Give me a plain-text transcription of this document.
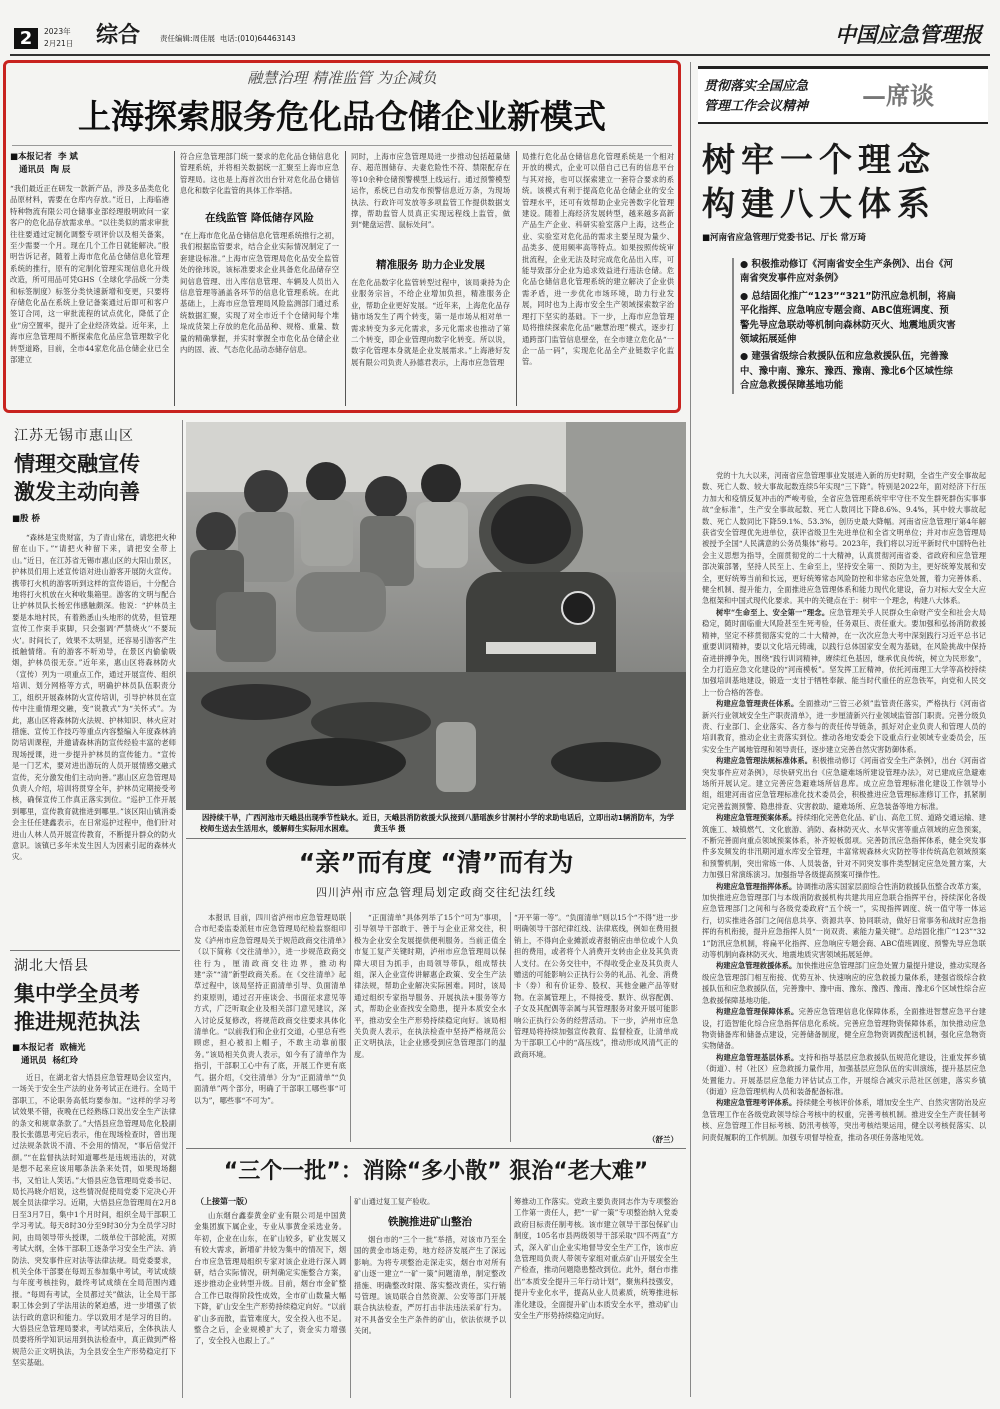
2	2023年
2月21日	综合	责任编辑:周佳展 电话:(010)64463143	中国应急管理报
融慧治理 精准监管 为企减负
上海探索服务危化品仓储企业新模式
■本报记者 李 斌
通讯员 陶 辰
“我们最近正在研发一款新产品，涉及多品类危化品原材料，需要在仓库内存放。”近日，上海临港特种物流有限公司仓储事业部经理殷明欧问一家客户的危化品存放需求单。“以往类似的需求审批往往要通过定制化调整专项评价以及相关备案，至少需要一个月。现在几个工作日就能解决。”殷明告诉记者，随着上海市危化品仓储信息化管理系统的推行，原有的定制化管理实现信息化升级改造，所可用品可凭GHS（全球化学品统一分类和标签制度）标签分类快速新增和变更，只要将存储危化品在系统上登记备案通过后即可和客户签订合同，这一审批流程的试点优化，降低了企业“房空置率，提升了企业经济效益。近年来，上海市应急管理局不断探索危化品应急管理数字化转型道路，目前，全市44家危化品仓储企业已全部建立
符合应急管理部门统一要求的危化品仓储信息化管理系统，并将相关数据统一汇聚至上海市应急管理局。这也是上海首次出台针对危化品仓储信息化和数字化监管的具体工作举措。
在线监管 降低储存风险
“在上海市危化品仓储信息化管理系统推行之初，我们根据监管要求，结合企业实际情况制定了一套建设标准。”上海市应急管理局危化品安全监管处的徐玮说，该标准要求企业具备危化品储存空间信息管理、出入库信息管理、车辆及人员出入信息管理等涵盖各环节的信息化管理系统。在此基础上，上海市应急管理局风险监测部门通过系统数据汇聚，实现了对全市近千个仓储间每个堆垛成货架上存放的危化品品种、规格、重量、数量的精确掌握，并实时掌握全市危化品仓储企业内的固、液、气态危化品动态储存信息。
同时，上海市应急管理局进一步推动包括超量储存、超范围储存、夫妻危险性不符、禁限配存在等10余种仓储预警模型上线运行。通过预警模型运作，系统已自动发布预警信息近万条，为现场执法、行政许可发放等多项监管工作提供数据支撑，帮助监管人员真正实现远程线上监管，做到“健盘运营、鼠标处问”。
精准服务 助力企业发展
在危化品数字化监管转型过程中，该局秉持为企业服务宗旨，不给企业增加负担，精准服务企业，帮助企业更好发展。“近年来，上海危化品存储市场发生了两个转变，第一是市场从相对单一需求转变为多元化需求，多元化需求也推动了第二个转变，即企业管理向数字化转变。所以说，数字化管理本身就是企业发展需求。”上海港好发展有限公司负责人孙德君表示，上海市应急管理
局推行危化品仓储信息化管理系统是一个相对开放的模式，企业可以借自己已有的信息平台与其对接，也可以探索建立一套符合要求的系统。该模式有利于提高危化品仓储企业的安全管理水平，还可有效帮助企业完善数字化管理建设。随着上海经济发展转型，越来越多高新产品生产企业、科研实验室落户上海，这些企业、实验室对危化品的需求主要呈现为量少、品类多、使用频率高等特点。如果按照传统审批流程，企业无法及时完成危化品出入库，可能导致部分企业为追求效益进行违法仓储。危化品仓储信息化管理系统的建立解决了企业供需矛盾，进一步优化市场环境，助力行业发展，同时也为上海市安全生产领域探索数字治理打下坚实的基础。下一步，上海市应急管理局将推续探索危化品“融慧治理”模式，逐步打通跨部门监管信息壁垒，在全市建立危化品“一企一品一码”，实现危化品全产业链数字化监管。
贯彻落实全国应急
管理工作会议精神 —席谈
树牢一个理念
构建八大体系
■河南省应急管理厅党委书记、厅长 常万琦
● 积极推动修订《河南省安全生产条例》、出台《河南省突发事件应对条例》
● 总结固化推广“123”“321”防汛应急机制，将扁平化指挥、应急响应专题会商、ABC值班调度、预警先导应急联动等机制向森林防灭火、地震地质灾害领域拓展延伸
● 建强省级综合救援队伍和应急救援队伍，完善豫中、豫中南、豫东、豫西、豫南、豫北6个区域性综合应急救援保障基地功能

党的十九大以来，河南省应急管理事业发展进入新的历史时期，全省生产安全事故起数、死亡人数、较大事故起数连续5年实现“三下降”。特别是2022年，面对经济下行压力加大和疫情反复冲击的严峻考验，全省应急管理系统牢牢守住不发生群死群伤实事事故“金标准”，生产安全事故起数、死亡人数同比下降8.6%、9.4%，其中较大事故起数、死亡人数同比下降59.1%、53.3%，创历史最大降幅。河南省应急管理厅第4年解获省安全管理优先进单位，获评省级卫生先进单位和全省文明单位；并对市应急管理局被授予全国“人民满意的公务员集体”称号。2023年，我们将以习近平新时代中国特色社会主义思想为指导，全面贯彻党的二十大精神，认真贯彻河南省委、省政府和应急管理部决策部署，坚持人民至上、生命至上，坚持安全第一、预防为主，更好统筹发展和安全，更好统筹当前和长远，更好统筹常态风险防控和非常态应急处置，着力完善体系、健全机制、提升能力，全面推进应急管理体系和能力现代化建设，奋力对标大安全大应急框架和中国式现代化要求。其中的关键点在于：树牢一个理念，构建八大体系。

树牢“生命至上、安全第一”理念。应急管理关乎人民群众生命财产安全和社会大局稳定，随时面临重大风险甚至生死考验，任务艰巨、责任重大。要加强和弘扬消防救援精神，坚定不移贯彻落实党的二十大精神，在一次次应急大考中深刻践行习近平总书记重要训词精神，要以文化培元铸魂，以践行总体国家安全观为基础，在风险挑战中保持奋进拼搏争先，围绕“践行训词精神，赓续红色基因，继承优良传统，树立为民形象”，全力打造应急文化建设的“河南模板”。坚发挥工匠精神，依托河南理工大学等高校持续加强培训基地建设，锻造一支甘于牺牲奉献、能当时代重任的应急铁军，向党和人民交上一份合格的答卷。

构建应急管理责任体系。全面推动“三管三必须”监管责任落实，严格执行《河南省新兴行业领域安全生产职责清单》，进一步厘清新兴行业领域监管部门职责。完善分级负责、行业部门、企业落实、各方参与的责任传导链条，抓好对企业负责人和管理人员的培训教育，推动企业主责落实到位。推动各地安委会下设重点行业领域专业委员会，压实安全生产属地管理和领导责任，逐步建立完善自然灾害防御体系。

构建应急管理法规标准体系。积极推动修订《河南省安全生产条例》，出台《河南省突发事件应对条例》，尽快研究出台《应急避难场所建设管理办法》，对已建成应急避难场所开展认定。建立完善应急避难场所信息库。成立应急管理标准化建设工作领导小组，组建河南省应急管理标准化技术委员会，积极推进应急管理标准修订工作，抓紧制定完善监测预警、隐患排查、灾害救助、避难场所、应急装备等地方标准。

构建应急管理预案体系。持续细化完善危化品、矿山、高危工贸、道路交通运输、建筑施工、城镇燃气、文化旅游、消防、森林防灭火、水旱灾害等重点领域的应急预案，不断完善面向重点领域预案体系，补齐短板弱项。完善防汛应急指挥体系，健全突发事件多发频发的非汛期河道水库安全管理，丰富常规森林火灾防控等非传统高危领域预案和预警机制，突出常练一体、人员装备，针对不同突发事件类型制定应急处置方案，大力加强日常演练演习。加强指导各级提高预案可操作性。

构建应急管理指挥体系。协调推动落实国家层面综合性消防救援队伍整合改革方案，加快推进应急管理部门与本级消防救援机构共建共用应急联合指挥平台，持续深化各级应急管理部门之间和与各级党委政府“五个统一”，实现指挥调度、统一值守等一体运行，切实推进各部门之间信息共享、资源共享、协同联动，做好日常事务和战时应急指挥的有机衔接，提升应急指挥人员“一岗双责、素能力量关键”。总结固化推广“123”“321”防汛应急机制，将扁平化指挥、应急响应专题会商、ABC值班调度、预警先导应急联动等机制向森林防灭火、地震地质灾害领域拓展延伸。

构建应急管理救援体系。加快推进应急管理部门应急处置力量提升建设，推动实现各级应急管理部门相互衔接、优势互补、快速响应的应急救援力量体系，建强省级综合救援队伍和应急救援队伍，完善豫中、豫中南、豫东、豫西、豫南、豫北6个区域性综合应急救援保障基地功能。

构建应急管理保障体系。完善应急管理信息化保障体系，全面推进智慧应急平台建设，打造智能化综合应急指挥信息化系统。完善应急管理物资保障体系，加快推动应急物资储备库和储备点建设，完善储备制度，健全应急物资调拨配送机制，强化应急物资实物储备。

构建应急管理基层体系。支持和指导基层应急救援队伍规范化建设，注重发挥乡镇（街道）、村（社区）应急救援力量作用，加强基层应急队伍的实训演练，提升基层应急处置能力。开展基层应急能力评估试点工作，开展综合减灾示范社区创建，落实乡镇（街道）应急管理机构人员和装备配备标准。

构建应急管理考评体系。持续健全考核评价体系，增加安全生产、自然灾害防治及应急管理工作在各级党政领导综合考核中的权重，完善考核机制。推进安全生产责任制考核、应急管理工作目标考核、防汛考核等，突出考核结果运用，健全以考核促落实、以问责促履职的工作机制。加强专项督导检查，推动各项任务落地见效。

江苏无锡市惠山区
情理交融宣传
激发主动向善
■殷 桥
“森林是宝贵财富，为了青山常在，请您把火种留在山下。”“请把火种留下来，请把安全带上山。”近日，在江苏省无锡市惠山区的大阳山景区，护林员们用上述宣传语对进山游客开展防火宣传。携带打火机的游客听到这样的宣传语后，十分配合地将打火机放在火种收集箱里。游客的文明与配合让护林员队长杨宏伟感触颇深。他说：“护林员主要是本地村民，有着熟悉山头地形的优势，但管理宣传工作束手束脚，只会强调‘严禁烧火’‘不要玩火’。时间长了，效果不太明显，还容易引游客产生抵触情绪。有的游客不听劝导，在景区内偷偷吸烟，护林员很无奈。”近年来，惠山区将森林防火（宣传）列为一项重点工作，通过开展宣传、组织培训、划分网格等方式，明确护林员队伍职责分工，组织开展森林防火宣传培训，引导护林员在宣传中注重情理交融，变“说教式”为“关怀式”。为此，惠山区将森林防火法规、护林知识、林火应对措施、宣传工作技巧等重点内容整编入年度森林消防培训课程，并邀请森林消防宣传经验丰富的老师现场授课，进一步提升护林员的宣传能力。“宣传是一门艺术，要对进出游玩的人员开展情感交融式宣传，充分激发他们主动向善。”惠山区应急管理局负责人介绍，培训将贯穿全年，护林员定期接受考核，确保宣传工作真正落实到位。“巡护工作开展到哪里，宣传教育就推进到哪里。”该区阳山镇消委会主任任建鑫表示，在日常巡护过程中，他们针对进山人林人员开展宣传教育，不断提升群众的防火意识。该镇已多年未发生因人为因素引起的森林火灾。
湖北大悟县
集中学全员考
推进规范执法
■本报记者 欧楠光
通讯员 杨红玲
近日，在湖北省大悟县应急管理局会议室内，一场关于安全生产法的业务考试正在进行。全局干部职工，不论职务高低均要参加。“这样的学习考试效果不错，夜晚在已经熟练口说出安全生产法律的条文和规章条款了。”大悟县应急管理局危化股副股长张德思考完后表示，他在现场检查时，曾出现过法规条款说不清、不会用的情况，“事后倍觉汗颜。”“在监督执法时知道哪些是违规违法的，对就是想不起来应该用哪条法条来处罚，如果现场翻书，又怕让人笑话。”大悟县应急管理局党委书记、局长冯晓介绍说，这些情况促使局党委下定决心开展全员法律学习。近期，大悟县应急管理局在2月8日至3月7日，集中1个月时间，组织全局干部职工学习考试。每天8时30分至9时30分为全员学习时间，由局领导带头授课，二级单位干部轮流，对照考试大纲，全体干部职工逐条学习安全生产法、消防法、突发事件应对法等法律法规。局党委要求，机关全体干部要在每周五参加集中考试，考试成绩与年度考核挂钩，最终考试成绩在全局范围内通报。“每周有考试，全员都过关”做法，让全局干部职工体会到了学法用法的紧迫感，进一步增强了依法行政的意识和能力。学以致用才是学习的目的。大悟县应急管理局要求，考试结束后，全体执法人员要将所学知识运用到执法检查中，真正做到严格规范公正文明执法，为全县安全生产形势稳定打下坚实基础。
因持续干旱，广西河池市天峨县出现季节性缺水。近日，天峨县消防救援大队接到八腊瑶族乡甘洞村小学的求助电话后，立即出动1辆消防车，为学校师生送去生活用水，缓解师生实际用水困难。	黄玉华 摄
“亲”而有度 “清”而有为
四川泸州市应急管理局划定政商交往纪法红线
本报讯 目前，四川省泸州市应急管理局联合市纪委监委派驻市应急管理局纪检监察组印发《泸州市应急管理局关于规范政商交往清单》（以下简称《交往清单》），进一步规范政商交往行为，厘清政商交往边界，推动构建“亲”“清”新型政商关系。在《交往清单》起草过程中，该局坚持正面清单引导、负面清单约束原则，通过召开座谈会、书面征求意见等方式，广泛听取企业及相关部门意见建议，深入讨论反复修改，将规范政商交往要求具体化清单化。“以前我们和企业打交道，心里总有些顾虑，担心被扣上帽子，不敢主动靠前服务。”该局相关负责人表示，如今有了清单作为指引，干部职工心中有了底，开展工作更有底气。据介绍，《交往清单》分为“正面清单”“负面清单”两个部分，明确了干部职工哪些事“可以为”，哪些事“不可为”。
“正面清单”具体列举了15个“可为”事项，引导领导干部敢于、善于与企业正常交往，积极为企业安全发展提供便利服务。当前正值全市复工复产关键时期，泸州市应急管理局以保障大项目为抓手，由局领导带队，组成帮扶组，深入企业宣传讲解惠企政策、安全生产法律法规，帮助企业解决实际困难。同时，该局通过组织专家指导服务、开展执法+服务等方式，帮助企业查找安全隐患，提升本质安全水平，推动安全生产形势持续稳定向好。该局相关负责人表示，在执法检查中坚持严格规范公正文明执法，让企业感受到应急管理部门的温度。
“开平第一等”。“负面清单”则以15个“不得”进一步明确领导干部纪律红线、法律底线，例如在费用报销上，不得向企业摊派或者报销应由单位或个人负担的费用，或者将个人消费开支转由企业及其负责人支付。在公务交往中，不得收受企业及其负责人赠送的可能影响公正执行公务的礼品、礼金、消费卡（券）和有价证券、股权、其他金融产品等财物。在亲属管理上，不得接受、默许、纵容配偶、子女及其配偶等亲属与其管理服务对象开展可能影响公正执行公务的经营活动。下一步，泸州市应急管理局将持续加强宣传教育、监督检查，让清单成为干部职工心中的“高压线”，推动形成风清气正的政商环境。
（舒兰）
“三个一批”：消除“多小散” 狠治“老大难”
（上接第一版）
山东烟台鑫泰黄金矿业有限公司是中国黄金集团旗下属企业，专业从事黄金采选业务。年初，企业在山东，在矿山较多，矿业发展又有较大需求，新增矿井较为集中的情况下，烟台市应急管理局组织专家对该企业进行深入调研，结合实际情况，研判确定实施整合方案，逐步推动企业转型升级。目前，烟台市金矿整合工作已取得阶段性成效，全市矿山数量大幅下降，矿山安全生产形势持续稳定向好。“以前矿山多而散，监管难度大，安全投入也不足。整合之后，企业规模扩大了，资金实力增强了，安全投入也跟上了。”
矿山通过复工复产验收。
铁腕推进矿山整治
烟台市的“三个一批”举措，对该市乃至全国的黄金市场走势，地方经济发展产生了深远影响。为将专项整治走深走实，烟台市对所有矿山逐一建立“一矿一策”问题清单，制定整改措施、明确整改时限、落实整改责任，实行销号管理。该局联合自然资源、公安等部门开展联合执法检查，严厉打击非法违法采矿行为。对不具备安全生产条件的矿山，依法依规予以关闭。
筹推动工作落实。党政主要负责同志作为专项整治工作第一责任人，把“一矿一策”专项整治纳入党委政府目标责任制考核。该市建立领导干部包保矿山制度，105名市县两级领导干部采取“四不两直”方式，深入矿山企业实地督导安全生产工作，该市应急管理局负责人带领专家组对重点矿山开展安全生产检查，推动问题隐患整改到位。此外，烟台市推出“本质安全提升三年行动计划”，聚焦科技强安，提升专业化水平，提高从业人员素质，统筹推进标准化建设，全面提升矿山本质安全水平，推动矿山安全生产形势持续稳定向好。
